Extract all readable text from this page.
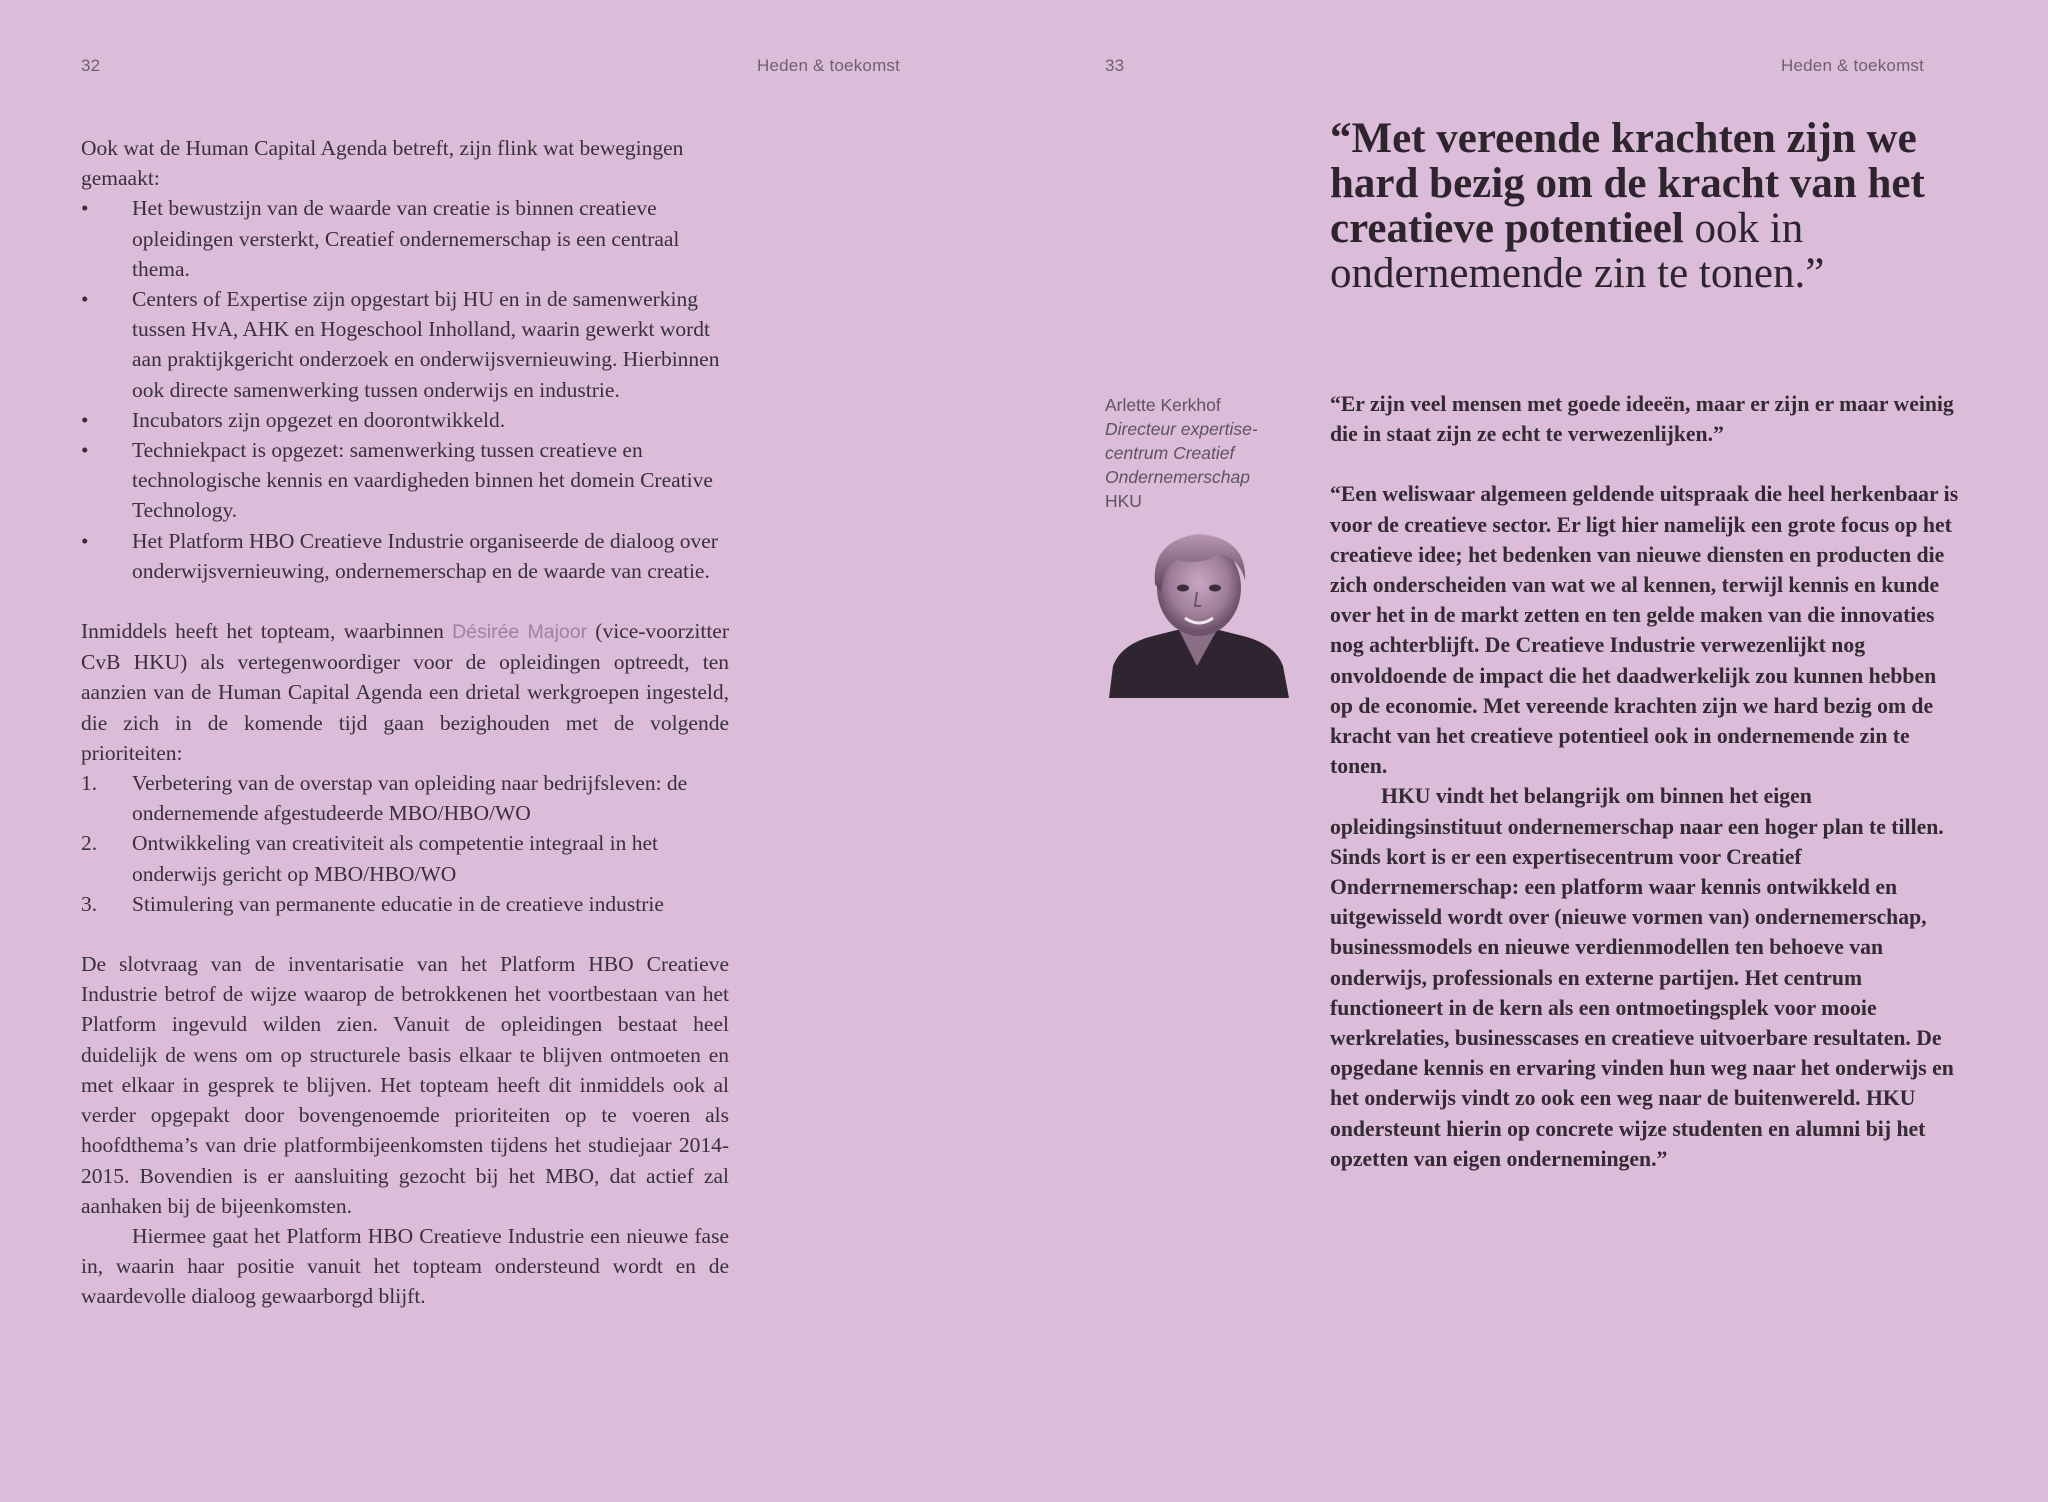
32	Heden & toekomst

Ook wat de Human Capital Agenda betreft, zijn flink wat bewegingen gemaakt:

• Het bewustzijn van de waarde van creatie is binnen creatieve opleidingen versterkt, Creatief ondernemerschap is een centraal thema.
• Centers of Expertise zijn opgestart bij HU en in de samenwerking tussen HvA, AHK en Hogeschool Inholland, waarin gewerkt wordt aan praktijkgericht onderzoek en onderwijsvernieuwing. Hierbinnen ook directe samenwerking tussen onderwijs en industrie.
• Incubators zijn opgezet en doorontwikkeld.
• Techniekpact is opgezet: samenwerking tussen creatieve en technologische kennis en vaardigheden binnen het domein Creative Technology.
• Het Platform HBO Creatieve Industrie organiseerde de dialoog over onderwijsvernieuwing, ondernemerschap en de waarde van creatie.

Inmiddels heeft het topteam, waarbinnen Désirée Majoor (vice-voorzitter CvB HKU) als vertegenwoordiger voor de opleidingen optreedt, ten aanzien van de Human Capital Agenda een drietal werkgroepen ingesteld, die zich in de komende tijd gaan bezighouden met de volgende prioriteiten:

1. Verbetering van de overstap van opleiding naar bedrijfsleven: de ondernemende afgestudeerde MBO/HBO/WO
2. Ontwikkeling van creativiteit als competentie integraal in het onderwijs gericht op MBO/HBO/WO
3. Stimulering van permanente educatie in de creatieve industrie

De slotvraag van de inventarisatie van het Platform HBO Creatieve Industrie betrof de wijze waarop de betrokkenen het voortbestaan van het Platform ingevuld wilden zien. Vanuit de opleidingen bestaat heel duidelijk de wens om op structurele basis elkaar te blijven ontmoeten en met elkaar in gesprek te blijven. Het topteam heeft dit inmiddels ook al verder opgepakt door bovengenoemde prioriteiten op te voeren als hoofdthema’s van drie platformbijeenkomsten tijdens het studiejaar 2014-2015. Bovendien is er aansluiting gezocht bij het MBO, dat actief zal aanhaken bij de bijeenkomsten.

Hiermee gaat het Platform HBO Creatieve Industrie een nieuwe fase in, waarin haar positie vanuit het topteam ondersteund wordt en de waardevolle dialoog gewaarborgd blijft.

33	Heden & toekomst
“Met vereende krachten zijn we hard bezig om de kracht van het creatieve potentieel ook in ondernemende zin te tonen.”
Arlette Kerkhof
Directeur expertise-centrum Creatief Ondernemerschap
HKU

“Er zijn veel mensen met goede ideeën, maar er zijn er maar weinig die in staat zijn ze echt te verwezenlijken.”

“Een weliswaar algemeen geldende uitspraak die heel herkenbaar is voor de creatieve sector. Er ligt hier namelijk een grote focus op het creatieve idee; het bedenken van nieuwe diensten en producten die zich onderscheiden van wat we al kennen, terwijl kennis en kunde over het in de markt zetten en ten gelde maken van die innovaties nog achterblijft. De Creatieve Industrie verwezenlijkt nog onvoldoende de impact die het daadwerkelijk zou kunnen hebben op de economie. Met vereende krachten zijn we hard bezig om de kracht van het creatieve potentieel ook in ondernemende zin te tonen.

HKU vindt het belangrijk om binnen het eigen opleidingsinstituut ondernemerschap naar een hoger plan te tillen. Sinds kort is er een expertisecentrum voor Creatief Onderrnemerschap: een platform waar kennis ontwikkeld en uitgewisseld wordt over (nieuwe vormen van) ondernemerschap, businessmodels en nieuwe verdienmodellen ten behoeve van onderwijs, professionals en externe partijen. Het centrum functioneert in de kern als een ontmoetingsplek voor mooie werkrelaties, businesscases en creatieve uitvoerbare resultaten. De opgedane kennis en ervaring vinden hun weg naar het onderwijs en het onderwijs vindt zo ook een weg naar de buitenwereld. HKU ondersteunt hierin op concrete wijze studenten en alumni bij het opzetten van eigen ondernemingen.”
